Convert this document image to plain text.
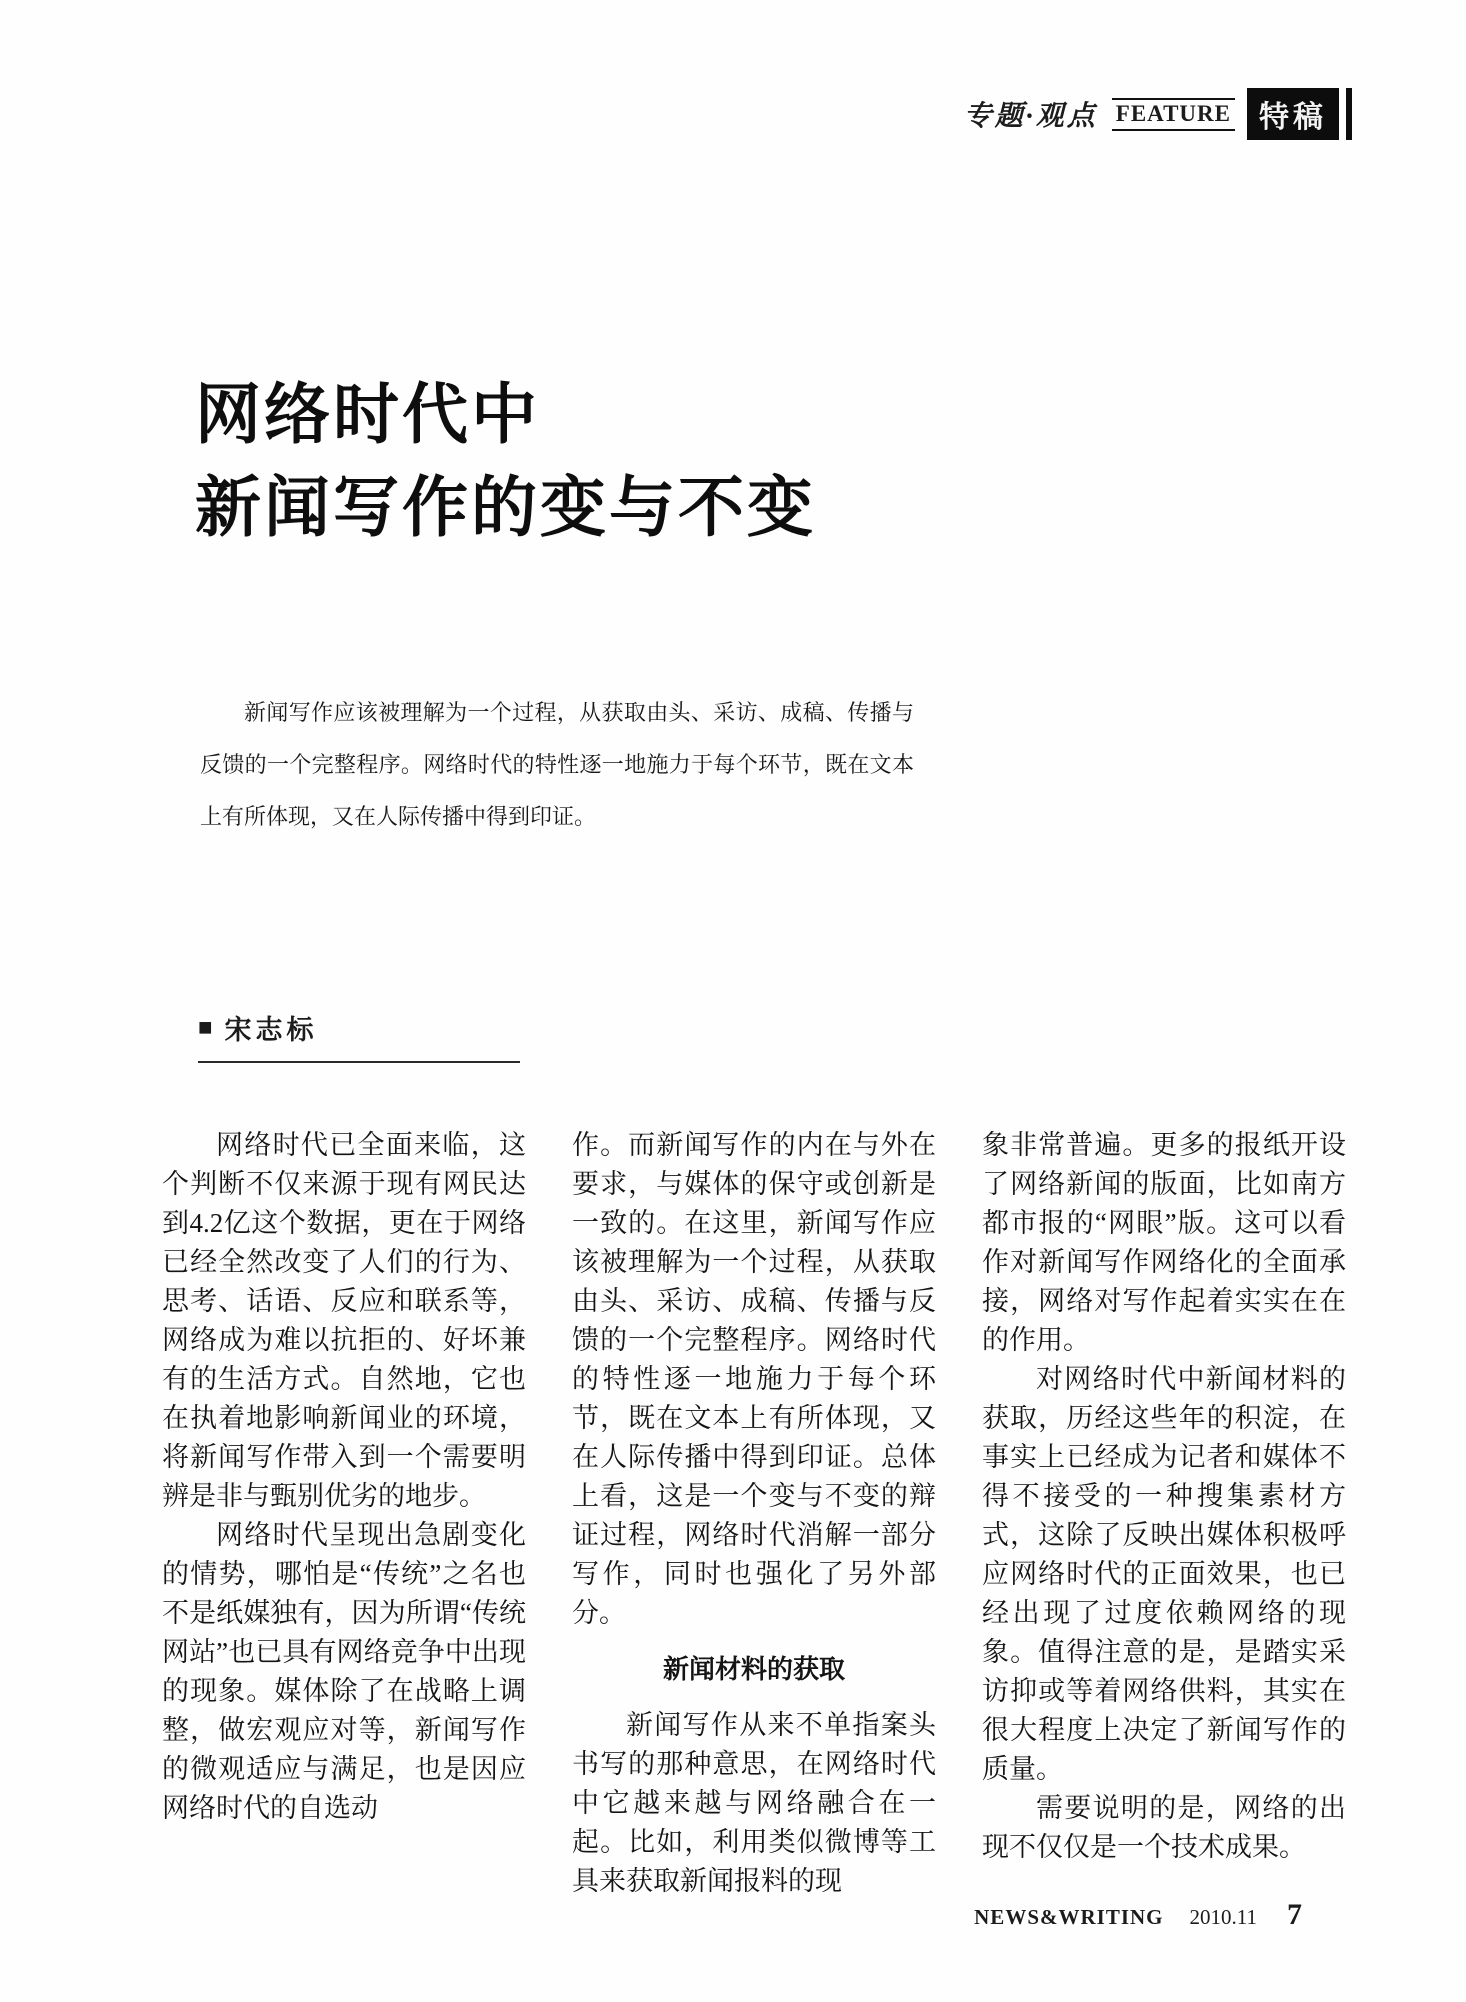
专题·观点 FEATURE 特稿
网络时代中
新闻写作的变与不变

新闻写作应该被理解为一个过程，从获取由头、采访、成稿、传播与反馈的一个完整程序。网络时代的特性逐一地施力于每个环节，既在文本上有所体现，又在人际传播中得到印证。

■ 宋志标

网络时代已全面来临，这个判断不仅来源于现有网民达到4.2亿这个数据，更在于网络已经全然改变了人们的行为、思考、话语、反应和联系等，网络成为难以抗拒的、好坏兼有的生活方式。自然地，它也在执着地影响新闻业的环境，将新闻写作带入到一个需要明辨是非与甄别优劣的地步。

网络时代呈现出急剧变化的情势，哪怕是“传统”之名也不是纸媒独有，因为所谓“传统网站”也已具有网络竞争中出现的现象。媒体除了在战略上调整，做宏观应对等，新闻写作的微观适应与满足，也是因应网络时代的自选动

作。而新闻写作的内在与外在要求，与媒体的保守或创新是一致的。在这里，新闻写作应该被理解为一个过程，从获取由头、采访、成稿、传播与反馈的一个完整程序。网络时代的特性逐一地施力于每个环节，既在文本上有所体现，又在人际传播中得到印证。总体上看，这是一个变与不变的辩证过程，网络时代消解一部分写作，同时也强化了另外部分。

新闻材料的获取

新闻写作从来不单指案头书写的那种意思，在网络时代中它越来越与网络融合在一起。比如，利用类似微博等工具来获取新闻报料的现

象非常普遍。更多的报纸开设了网络新闻的版面，比如南方都市报的“网眼”版。这可以看作对新闻写作网络化的全面承接，网络对写作起着实实在在的作用。

对网络时代中新闻材料的获取，历经这些年的积淀，在事实上已经成为记者和媒体不得不接受的一种搜集素材方式，这除了反映出媒体积极呼应网络时代的正面效果，也已经出现了过度依赖网络的现象。值得注意的是，是踏实采访抑或等着网络供料，其实在很大程度上决定了新闻写作的质量。

需要说明的是，网络的出现不仅仅是一个技术成果。

NEWS&WRITING 2010.11 7
